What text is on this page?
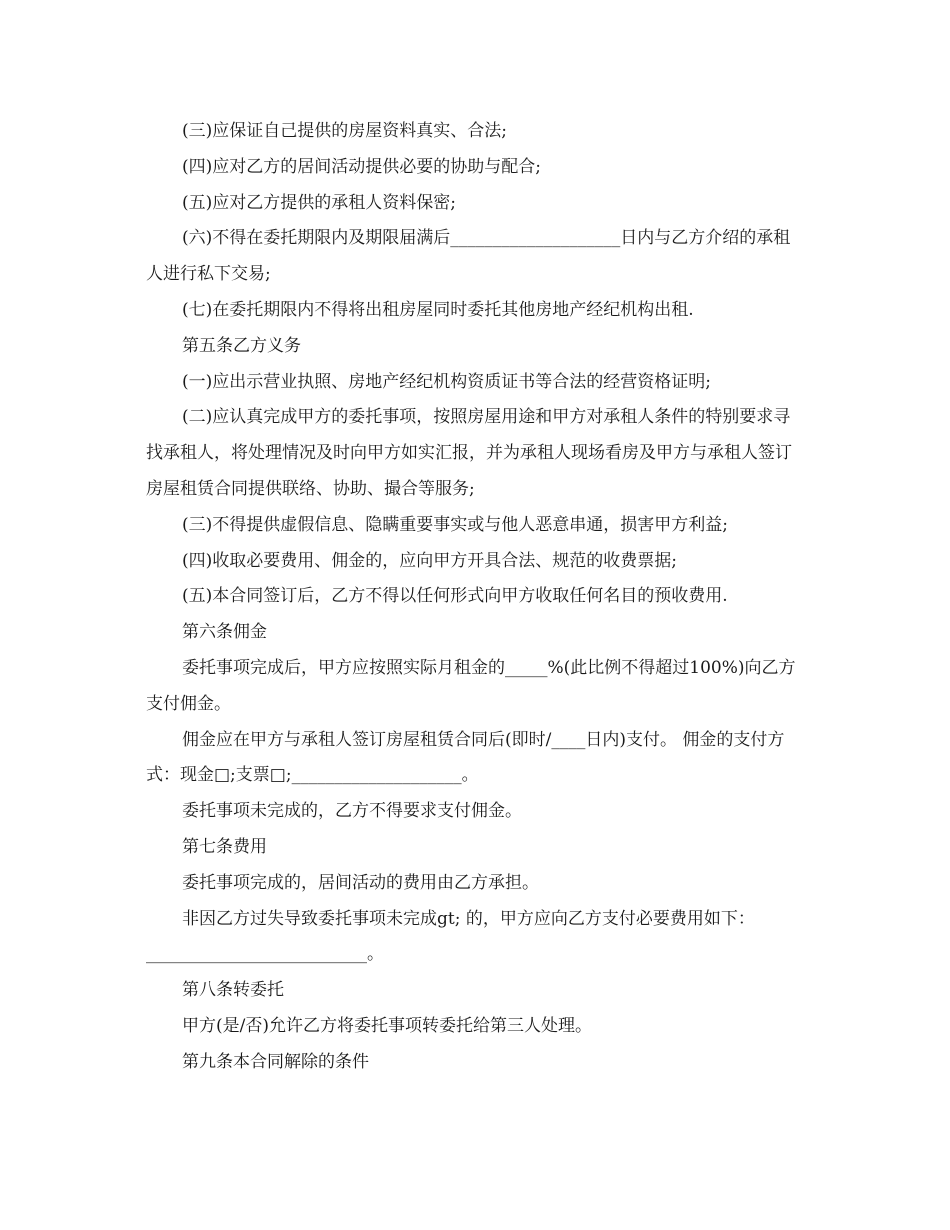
(三)应保证自己提供的房屋资料真实、合法;

(四)应对乙方的居间活动提供必要的协助与配合;

(五)应对乙方提供的承租人资料保密;

(六)不得在委托期限内及期限届满后____________________日内与乙方介绍的承租人进行私下交易;

(七)在委托期限内不得将出租房屋同时委托其他房地产经纪机构出租.

第五条乙方义务

(一)应出示营业执照、房地产经纪机构资质证书等合法的经营资格证明;

(二)应认真完成甲方的委托事项，按照房屋用途和甲方对承租人条件的特别要求寻找承租人，将处理情况及时向甲方如实汇报，并为承租人现场看房及甲方与承租人签订房屋租赁合同提供联络、协助、撮合等服务;

(三)不得提供虚假信息、隐瞒重要事实或与他人恶意串通，损害甲方利益;

(四)收取必要费用、佣金的，应向甲方开具合法、规范的收费票据;

(五)本合同签订后，乙方不得以任何形式向甲方收取任何名目的预收费用.

第六条佣金

委托事项完成后，甲方应按照实际月租金的_____%(此比例不得超过100%)向乙方支付佣金。

佣金应在甲方与承租人签订房屋租赁合同后(即时/____日内)支付。 佣金的支付方式：现金□;支票□;____________________。

委托事项未完成的，乙方不得要求支付佣金。

第七条费用

委托事项完成的，居间活动的费用由乙方承担。

非因乙方过失导致委托事项未完成gt; 的，甲方应向乙方支付必要费用如下：__________________________。

第八条转委托

甲方(是/否)允许乙方将委托事项转委托给第三人处理。

第九条本合同解除的条件
